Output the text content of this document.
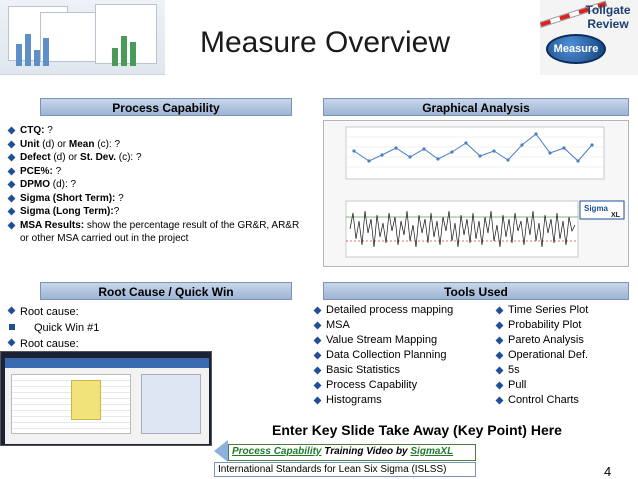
Measure Overview
Tollgate
Review
Measure
Process Capability	Graphical Analysis
Root Cause / Quick Win	Tools Used
CTQ: ?
Unit (d) or Mean (c): ?
Defect (d) or St. Dev. (c): ?
PCE%: ?
DPMO (d): ?
Sigma (Short Term): ?
Sigma (Long Term):?
MSA Results: show the percentage result of the GR&R, AR&R or other MSA carried out in the project
Sigma
XL
Root cause:
Quick Win #1
Root cause:
Detailed process mapping
MSA
Value Stream Mapping
Data Collection Planning
Basic Statistics
Process Capability
Histograms
Time Series Plot
Probability Plot
Pareto Analysis
Operational Def.
5s
Pull
Control Charts
Enter Key Slide Take Away (Key Point) Here
Process Capability Training Video by SigmaXL
International Standards for Lean Six Sigma (ISLSS)	4
